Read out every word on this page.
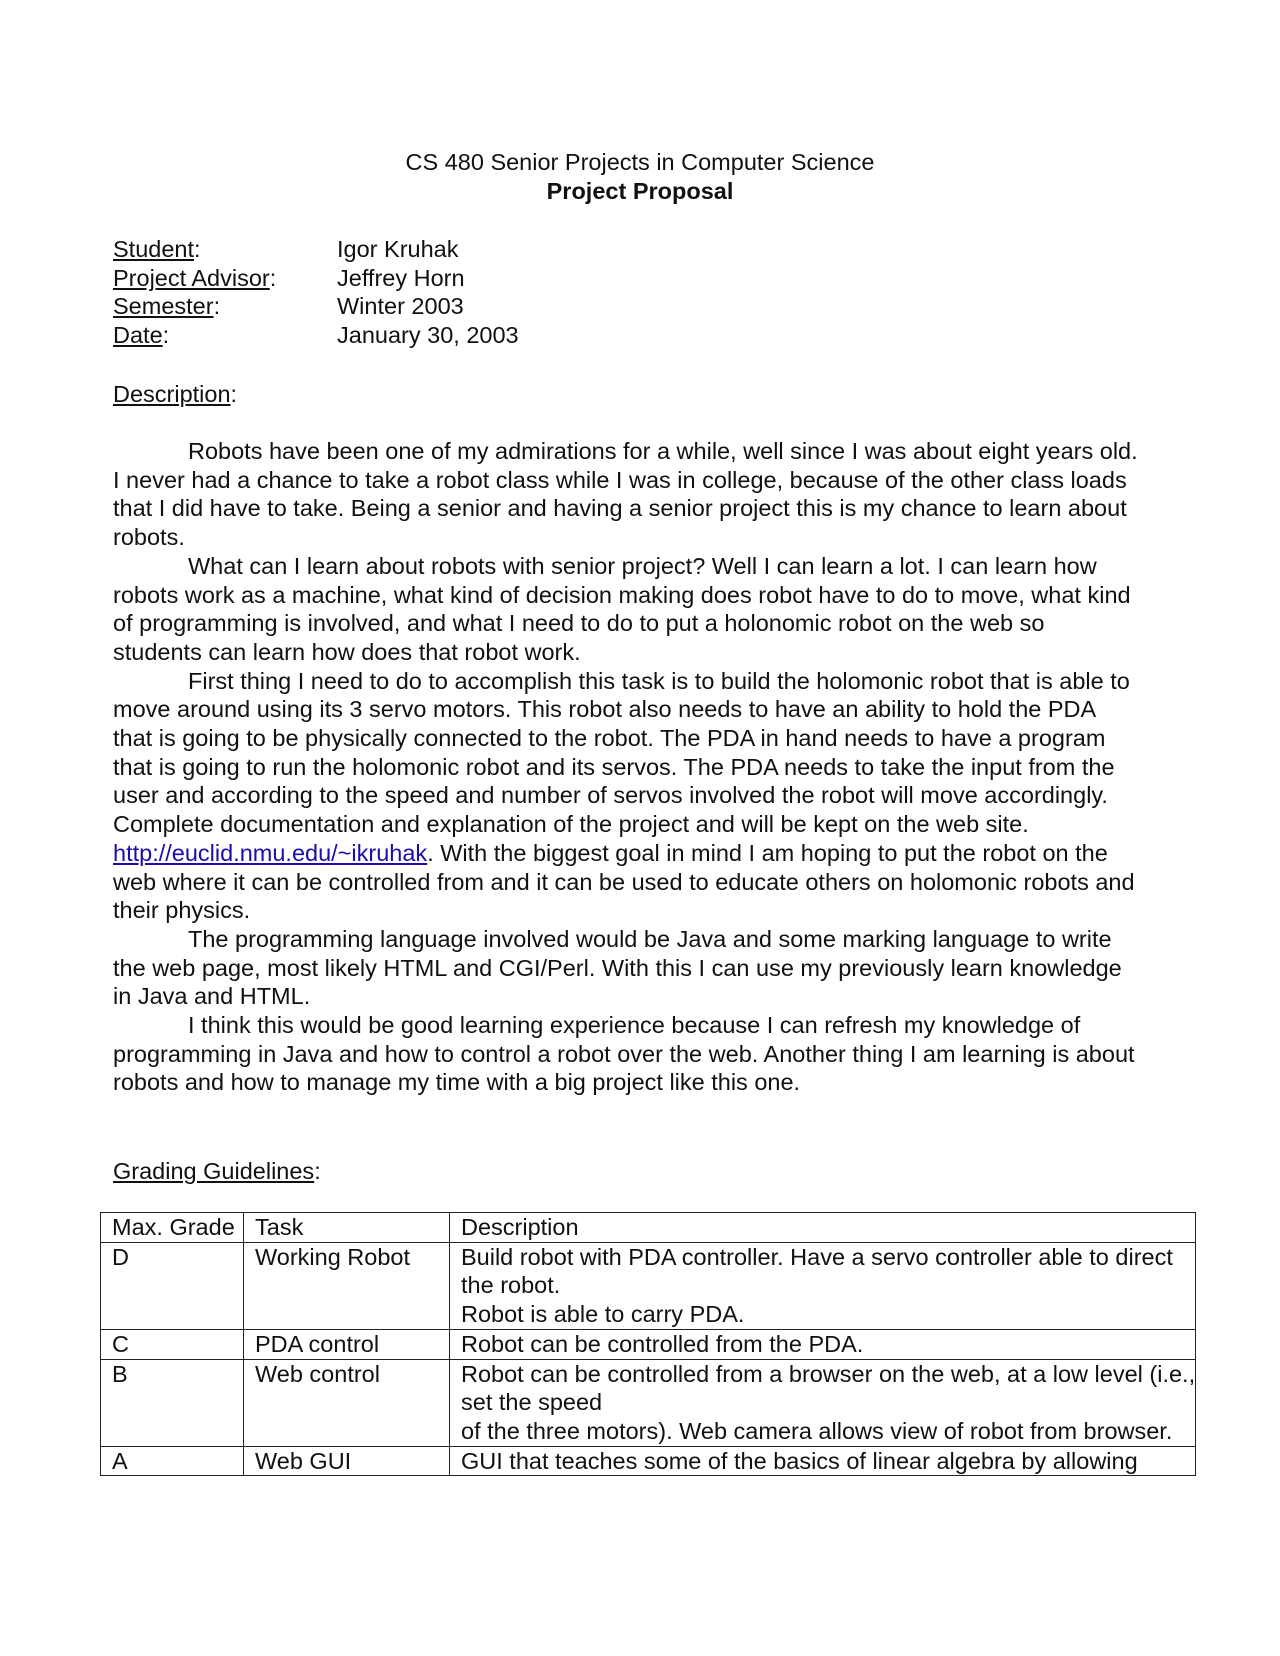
CS 480 Senior Projects in Computer Science
Project Proposal
Student:	Igor Kruhak
Project Advisor:	Jeffrey Horn
Semester:	Winter 2003
Date:	January 30, 2003
Description:

Robots have been one of my admirations for a while, well since I was about eight years old. I never had a chance to take a robot class while I was in college, because of the other class loads that I did have to take. Being a senior and having a senior project this is my chance to learn about robots.

What can I learn about robots with senior project? Well I can learn a lot. I can learn how robots work as a machine, what kind of decision making does robot have to do to move, what kind of programming is involved, and what I need to do to put a holonomic robot on the web so students can learn how does that robot work.

First thing I need to do to accomplish this task is to build the holomonic robot that is able to move around using its 3 servo motors. This robot also needs to have an ability to hold the PDA that is going to be physically connected to the robot. The PDA in hand needs to have a program that is going to run the holomonic robot and its servos. The PDA needs to take the input from the user and according to the speed and number of servos involved the robot will move accordingly. Complete documentation and explanation of the project and will be kept on the web site. http://euclid.nmu.edu/~ikruhak. With the biggest goal in mind I am hoping to put the robot on the web where it can be controlled from and it can be used to educate others on holomonic robots and their physics.

The programming language involved would be Java and some marking language to write the web page, most likely HTML and CGI/Perl. With this I can use my previously learn knowledge in Java and HTML.

I think this would be good learning experience because I can refresh my knowledge of programming in Java and how to control a robot over the web. Another thing I am learning is about robots and how to manage my time with a big project like this one.

Grading Guidelines:
Max. Grade	Task	Description
D	Working Robot	Build robot with PDA controller. Have a servo controller able to direct
the robot.
Robot is able to carry PDA.

C	PDA control	Robot can be controlled from the PDA.

B	Web control	Robot can be controlled from a browser on the web, at a low level (i.e.,
set the speed
of the three motors). Web camera allows view of robot from browser.

A	Web GUI	GUI that teaches some of the basics of linear algebra by allowing
